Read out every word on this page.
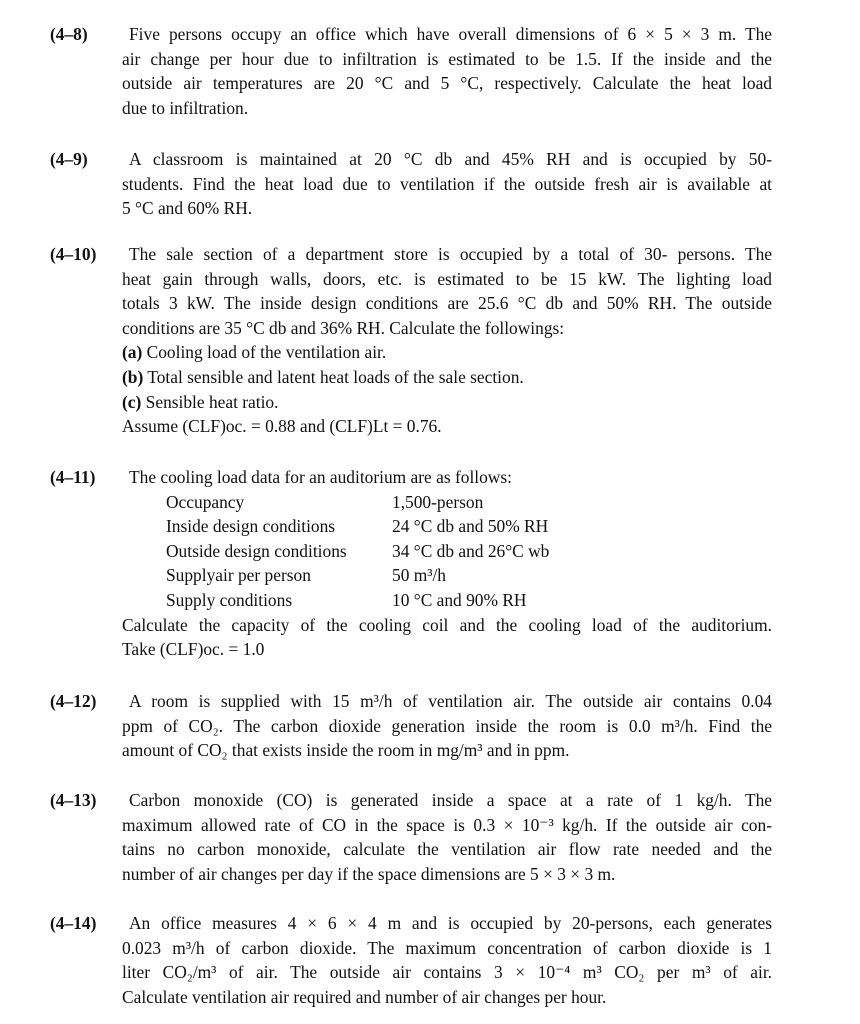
(4–8)	Five persons occupy an office which have overall dimensions of 6 × 5 × 3 m. The
air change per hour due to infiltration is estimated to be 1.5. If the inside and the
outside air temperatures are 20 °C and 5 °C, respectively. Calculate the heat load
due to infiltration.
(4–9)	A classroom is maintained at 20 °C db and 45% RH and is occupied by 50-
students. Find the heat load due to ventilation if the outside fresh air is available at
5 °C and 60% RH.
(4–10)	The sale section of a department store is occupied by a total of 30- persons. The
heat gain through walls, doors, etc. is estimated to be 15 kW. The lighting load
totals 3 kW. The inside design conditions are 25.6 °C db and 50% RH. The outside
conditions are 35 °C db and 36% RH. Calculate the followings:
(a) Cooling load of the ventilation air.
(b) Total sensible and latent heat loads of the sale section.
(c) Sensible heat ratio.
Assume (CLF)oc. = 0.88 and (CLF)Lt = 0.76.
(4–11)	The cooling load data for an auditorium are as follows:
Occupancy	1,500-person
Inside design conditions	24 °C db and 50% RH
Outside design conditions	34 °C db and 26°C wb
Supplyair per person	50 m³/h
Supply conditions	10 °C and 90% RH
Calculate the capacity of the cooling coil and the cooling load of the auditorium.
Take (CLF)oc. = 1.0
(4–12)	A room is supplied with 15 m³/h of ventilation air. The outside air contains 0.04
ppm of CO₂. The carbon dioxide generation inside the room is 0.0 m³/h. Find the
amount of CO₂ that exists inside the room in mg/m³ and in ppm.
(4–13)	Carbon monoxide (CO) is generated inside a space at a rate of 1 kg/h. The
maximum allowed rate of CO in the space is 0.3 × 10⁻³ kg/h. If the outside air con-
tains no carbon monoxide, calculate the ventilation air flow rate needed and the
number of air changes per day if the space dimensions are 5 × 3 × 3 m.
(4–14)	An office measures 4 × 6 × 4 m and is occupied by 20-persons, each generates
0.023 m³/h of carbon dioxide. The maximum concentration of carbon dioxide is 1
liter CO₂/m³ of air. The outside air contains 3 × 10⁻⁴ m³ CO₂ per m³ of air.
Calculate ventilation air required and number of air changes per hour.
